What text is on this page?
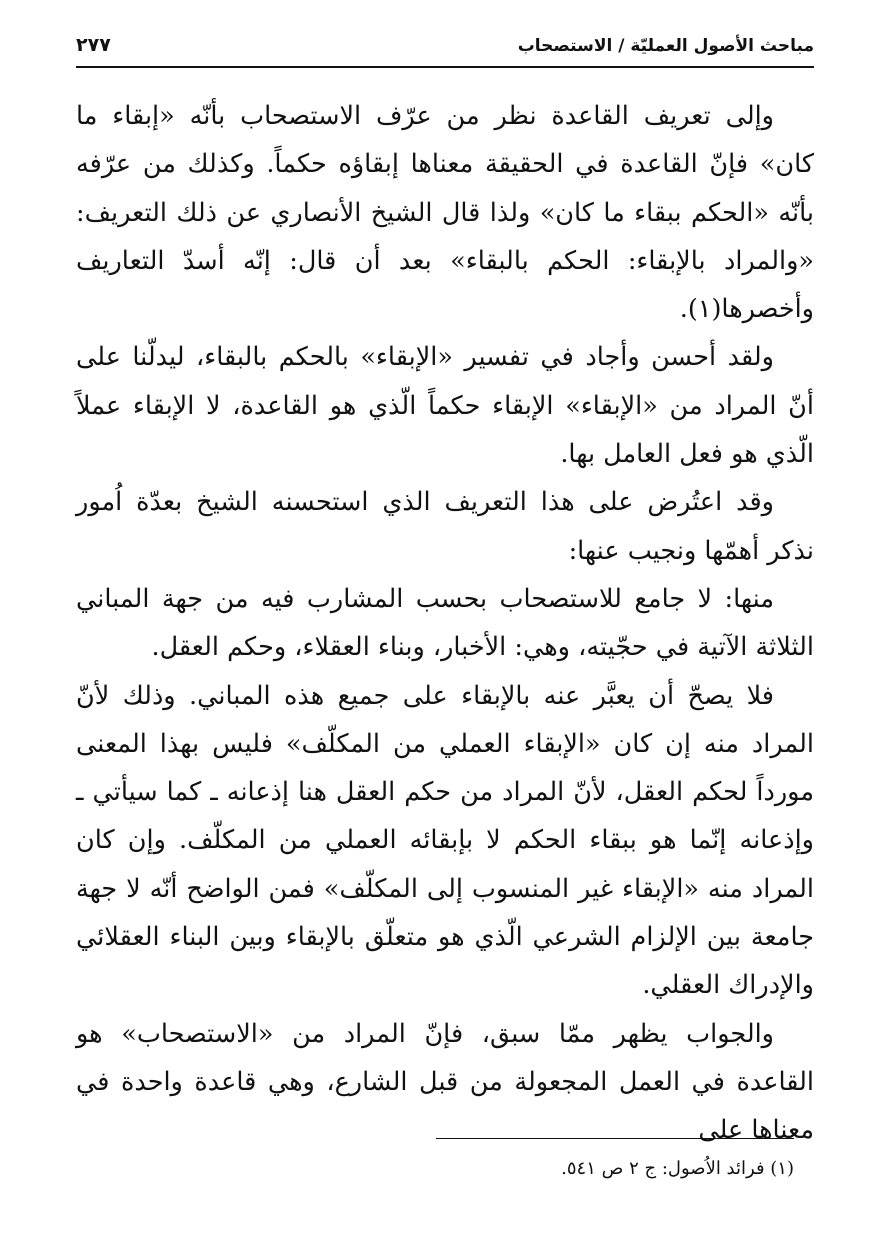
مباحث الأصول العمليّة / الاستصحاب
٢٧٧

وإلى تعريف القاعدة نظر من عرّف الاستصحاب بأنّه «إبقاء ما كان» فإنّ القاعدة في الحقيقة معناها إبقاؤه حكماً. وكذلك من عرّفه بأنّه «الحكم ببقاء ما كان» ولذا قال الشيخ الأنصاري عن ذلك التعريف: «والمراد بالإبقاء: الحكم بالبقاء» بعد أن قال: إنّه أسدّ التعاريف وأخصرها(١).

ولقد أحسن وأجاد في تفسير «الإبقاء» بالحكم بالبقاء، ليدلّنا على أنّ المراد من «الإبقاء» الإبقاء حكماً الّذي هو القاعدة، لا الإبقاء عملاً الّذي هو فعل العامل بها.

وقد اعتُرض على هذا التعريف الذي استحسنه الشيخ بعدّة اُمور نذكر أهمّها ونجيب عنها:

منها: لا جامع للاستصحاب بحسب المشارب فيه من جهة المباني الثلاثة الآتية في حجّيته، وهي: الأخبار، وبناء العقلاء، وحكم العقل.

فلا يصحّ أن يعبَّر عنه بالإبقاء على جميع هذه المباني. وذلك لأنّ المراد منه إن كان «الإبقاء العملي من المكلّف» فليس بهذا المعنى مورداً لحكم العقل، لأنّ المراد من حكم العقل هنا إذعانه ـ كما سيأتي ـ وإذعانه إنّما هو ببقاء الحكم لا بإبقائه العملي من المكلّف. وإن كان المراد منه «الإبقاء غير المنسوب إلى المكلّف» فمن الواضح أنّه لا جهة جامعة بين الإلزام الشرعي الّذي هو متعلّق بالإبقاء وبين البناء العقلائي والإدراك العقلي.

والجواب يظهر ممّا سبق، فإنّ المراد من «الاستصحاب» هو القاعدة في العمل المجعولة من قبل الشارع، وهي قاعدة واحدة في معناها على

(١) فرائد الاُصول: ج ٢ ص ٥٤١.
